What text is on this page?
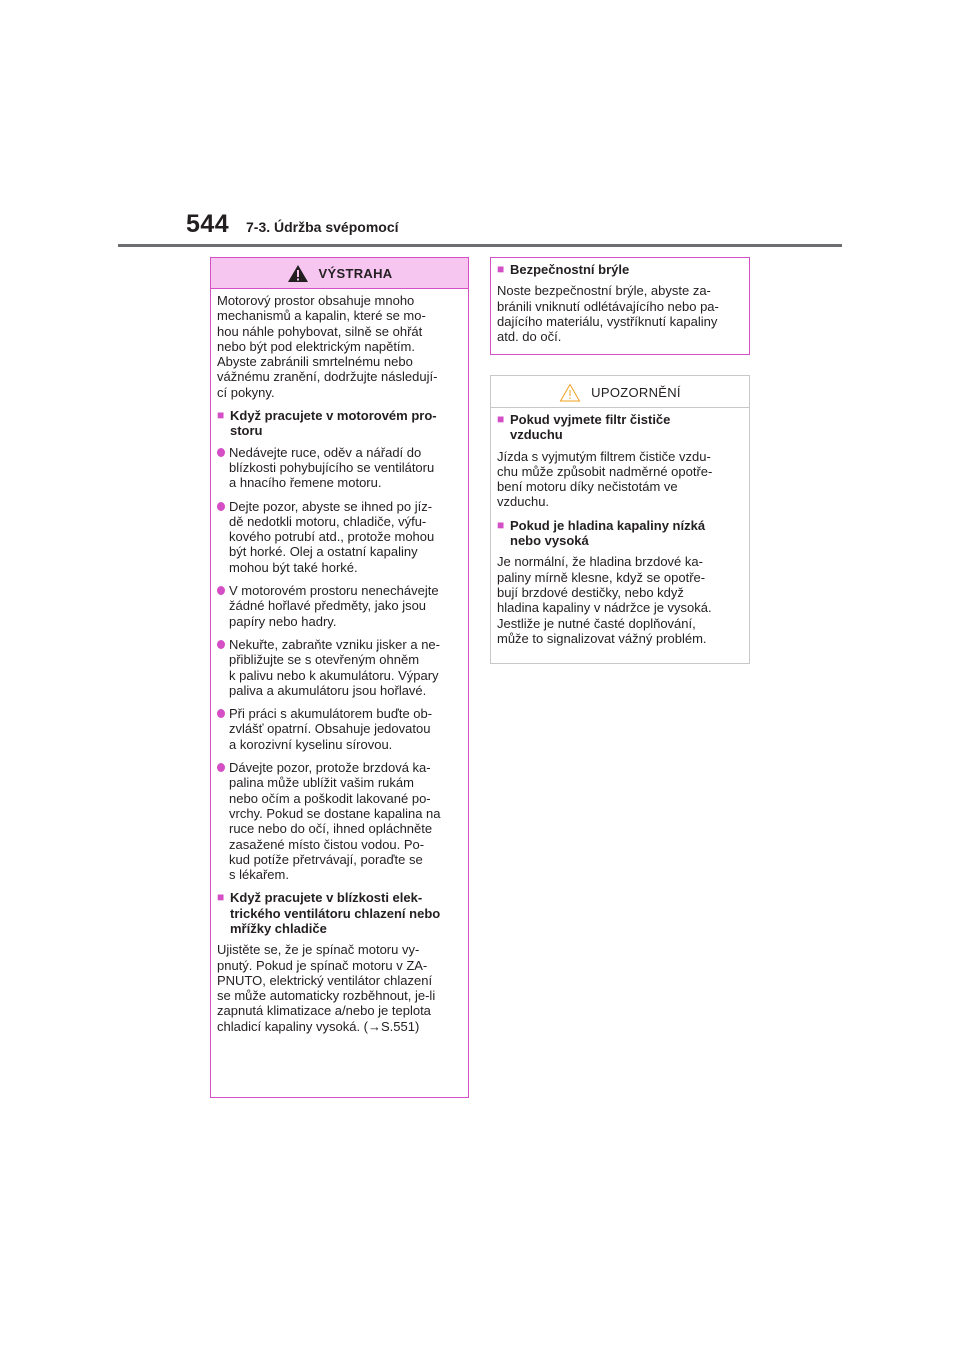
544 7-3. Údržba svépomocí
VÝSTRAHA

Motorový prostor obsahuje mnoho
mechanismů a kapalin, které se mo-
hou náhle pohybovat, silně se ohřát
nebo být pod elektrickým napětím.
Abyste zabránili smrtelnému nebo
vážnému zranění, dodržujte následují-
cí pokyny.

■ Když pracujete v motorovém pro-
storu
Nedávejte ruce, oděv a nářadí do
blízkosti pohybujícího se ventilátoru
a hnacího řemene motoru.
Dejte pozor, abyste se ihned po jíz-
dě nedotkli motoru, chladiče, výfu-
kového potrubí atd., protože mohou
být horké. Olej a ostatní kapaliny
mohou být také horké.
V motorovém prostoru nenechávejte
žádné hořlavé předměty, jako jsou
papíry nebo hadry.
Nekuřte, zabraňte vzniku jisker a ne-
přibližujte se s otevřeným ohněm
k palivu nebo k akumulátoru. Výpary
paliva a akumulátoru jsou hořlavé.
Při práci s akumulátorem buďte ob-
zvlášť opatrní. Obsahuje jedovatou
a korozivní kyselinu sírovou.
Dávejte pozor, protože brzdová ka-
palina může ublížit vašim rukám
nebo očím a poškodit lakované po-
vrchy. Pokud se dostane kapalina na
ruce nebo do očí, ihned opláchněte
zasažené místo čistou vodou. Po-
kud potíže přetrvávají, poraďte se
s lékařem.
■ Když pracujete v blízkosti elek-
trického ventilátoru chlazení nebo
mřížky chladiče

Ujistěte se, že je spínač motoru vy-
pnutý. Pokud je spínač motoru v ZA-
PNUTO, elektrický ventilátor chlazení
se může automaticky rozběhnout, je-li
zapnutá klimatizace a/nebo je teplota
chladicí kapaliny vysoká. (→S.551)

■ Bezpečnostní brýle

Noste bezpečnostní brýle, abyste za-
bránili vniknutí odlétávajícího nebo pa-
dajícího materiálu, vystříknutí kapaliny
atd. do očí.

UPOZORNĚNÍ
■ Pokud vyjmete filtr čističe
vzduchu

Jízda s vyjmutým filtrem čističe vzdu-
chu může způsobit nadměrné opotře-
bení motoru díky nečistotám ve
vzduchu.

■ Pokud je hladina kapaliny nízká
nebo vysoká

Je normální, že hladina brzdové ka-
paliny mírně klesne, když se opotře-
bují brzdové destičky, nebo když
hladina kapaliny v nádržce je vysoká.
Jestliže je nutné časté doplňování,
může to signalizovat vážný problém.
